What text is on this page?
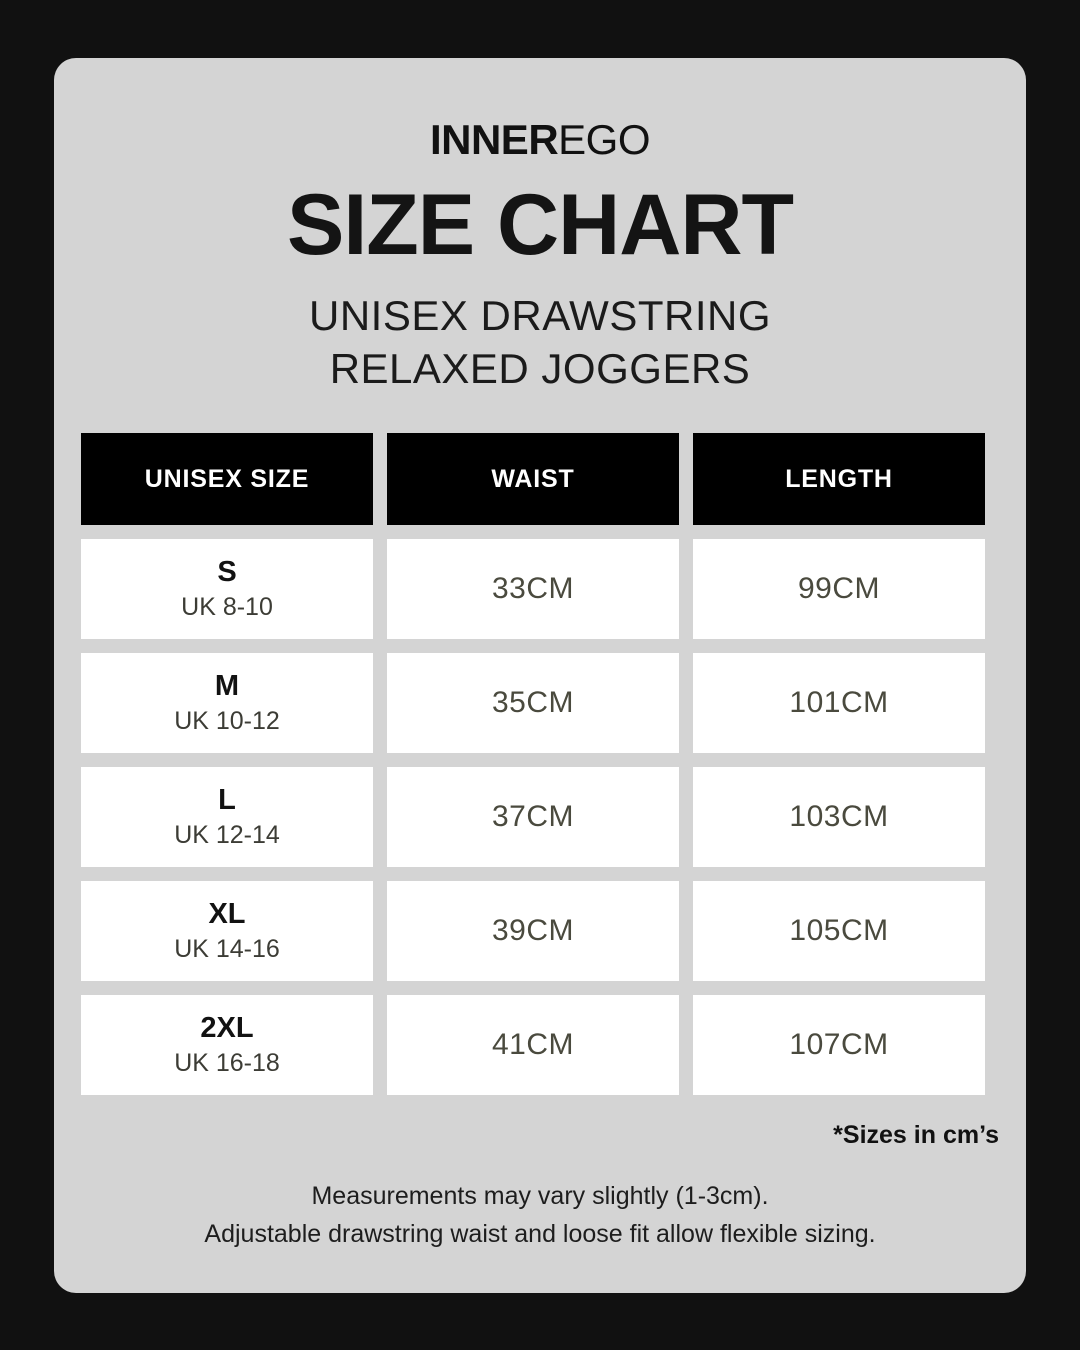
INNEREGO
SIZE CHART
UNISEX DRAWSTRING
RELAXED JOGGERS
UNISEX SIZE	WAIST	LENGTH
S
UK 8-10
33CM	99CM
M
UK 10-12
35CM	101CM
L
UK 12-14
37CM	103CM
XL
UK 14-16
39CM	105CM
2XL
UK 16-18
41CM	107CM
*Sizes in cm’s
Measurements may vary slightly (1-3cm).
Adjustable drawstring waist and loose fit allow flexible sizing.
